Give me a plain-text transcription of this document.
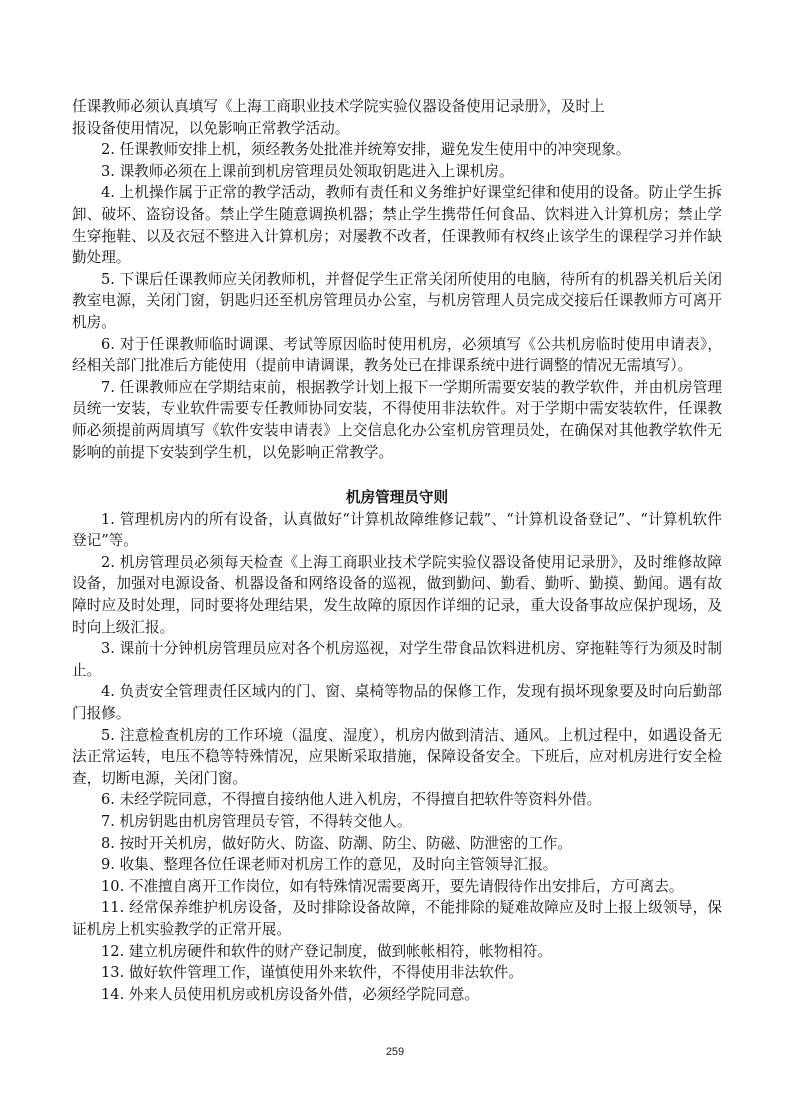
任课教师必须认真填写《上海工商职业技术学院实验仪器设备使用记录册》，及时上

报设备使用情况，以免影响正常教学活动。

2. 任课教师安排上机，须经教务处批准并统筹安排，避免发生使用中的冲突现象。

3. 课教师必须在上课前到机房管理员处领取钥匙进入上课机房。

4. 上机操作属于正常的教学活动，教师有责任和义务维护好课堂纪律和使用的设备。防止学生拆卸、破坏、盗窃设备。禁止学生随意调换机器；禁止学生携带任何食品、饮料进入计算机房；禁止学生穿拖鞋、以及衣冠不整进入计算机房；对屡教不改者，任课教师有权终止该学生的课程学习并作缺勤处理。

5. 下课后任课教师应关闭教师机，并督促学生正常关闭所使用的电脑，待所有的机器关机后关闭教室电源，关闭门窗，钥匙归还至机房管理员办公室，与机房管理人员完成交接后任课教师方可离开机房。

6. 对于任课教师临时调课、考试等原因临时使用机房，必须填写《公共机房临时使用申请表》，经相关部门批准后方能使用（提前申请调课，教务处已在排课系统中进行调整的情况无需填写）。

7. 任课教师应在学期结束前，根据教学计划上报下一学期所需要安装的教学软件，并由机房管理员统一安装，专业软件需要专任教师协同安装，不得使用非法软件。对于学期中需安装软件，任课教师必须提前两周填写《软件安装申请表》上交信息化办公室机房管理员处，在确保对其他教学软件无影响的前提下安装到学生机，以免影响正常教学。

机房管理员守则

1. 管理机房内的所有设备，认真做好“计算机故障维修记载”、“计算机设备登记”、“计算机软件登记”等。

2. 机房管理员必须每天检查《上海工商职业技术学院实验仪器设备使用记录册》，及时维修故障设备，加强对电源设备、机器设备和网络设备的巡视，做到勤问、勤看、勤听、勤摸、勤闻。遇有故障时应及时处理，同时要将处理结果，发生故障的原因作详细的记录，重大设备事故应保护现场，及时向上级汇报。

3. 课前十分钟机房管理员应对各个机房巡视，对学生带食品饮料进机房、穿拖鞋等行为须及时制止。

4. 负责安全管理责任区域内的门、窗、桌椅等物品的保修工作，发现有损坏现象要及时向后勤部门报修。

5. 注意检查机房的工作环境（温度、湿度），机房内做到清洁、通风。上机过程中，如遇设备无法正常运转，电压不稳等特殊情况，应果断采取措施，保障设备安全。下班后，应对机房进行安全检查，切断电源，关闭门窗。

6. 未经学院同意，不得擅自接纳他人进入机房，不得擅自把软件等资料外借。

7. 机房钥匙由机房管理员专管，不得转交他人。

8. 按时开关机房，做好防火、防盗、防潮、防尘、防磁、防泄密的工作。

9. 收集、整理各位任课老师对机房工作的意见，及时向主管领导汇报。

10. 不准擅自离开工作岗位，如有特殊情况需要离开，要先请假待作出安排后，方可离去。

11. 经常保养维护机房设备，及时排除设备故障，不能排除的疑难故障应及时上报上级领导，保证机房上机实验教学的正常开展。

12. 建立机房硬件和软件的财产登记制度，做到帐帐相符，帐物相符。

13. 做好软件管理工作，谨慎使用外来软件，不得使用非法软件。

14. 外来人员使用机房或机房设备外借，必须经学院同意。

259
